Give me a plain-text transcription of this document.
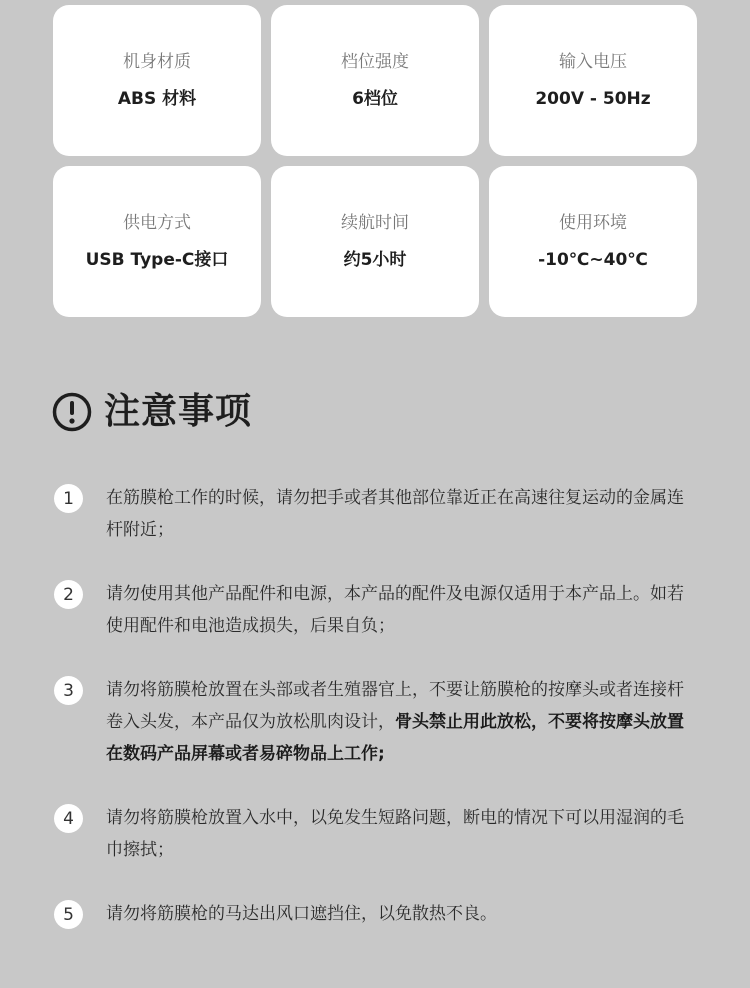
机身材质
ABS 材料
档位强度
6档位
输入电压
200V - 50Hz
供电方式
USB Type-C接口
续航时间
约5小时
使用环境
-10℃~40℃
注意事项
1	在筋膜枪工作的时候，请勿把手或者其他部位靠近正在高速往复运动的金属连杆附近；
2	请勿使用其他产品配件和电源，本产品的配件及电源仅适用于本产品上。如若使用配件和电池造成损失，后果自负；
3	请勿将筋膜枪放置在头部或者生殖器官上，不要让筋膜枪的按摩头或者连接杆卷入头发，本产品仅为放松肌肉设计，骨头禁止用此放松，不要将按摩头放置在数码产品屏幕或者易碎物品上工作;
4	请勿将筋膜枪放置入水中，以免发生短路问题，断电的情况下可以用湿润的毛巾擦拭；
5	请勿将筋膜枪的马达出风口遮挡住，以免散热不良。
